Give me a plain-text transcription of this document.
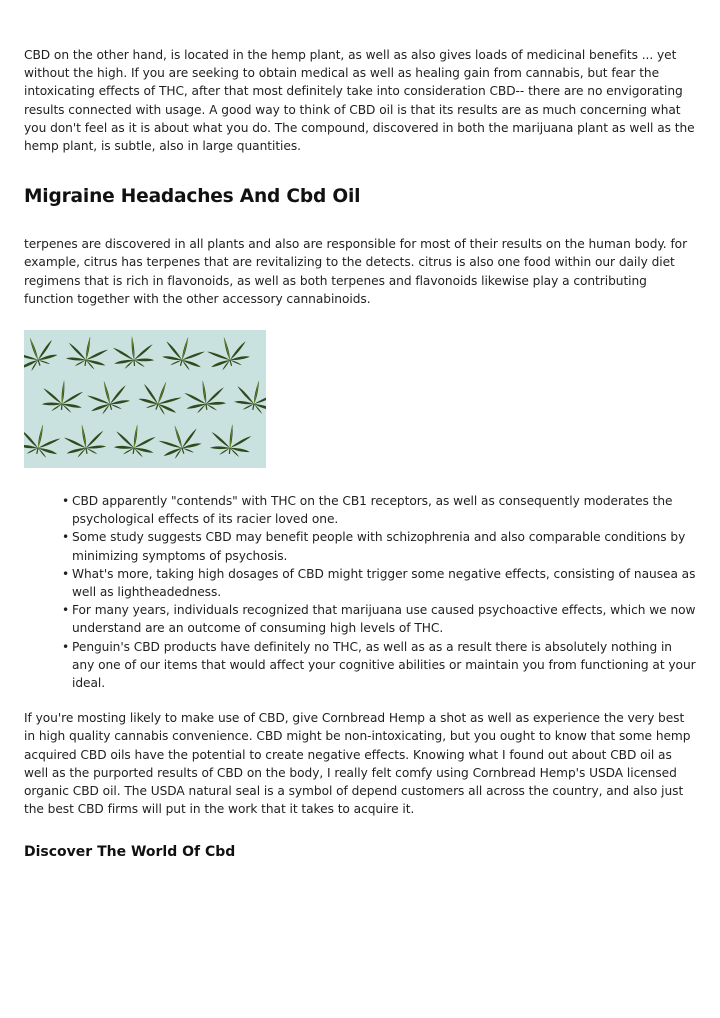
CBD on the other hand, is located in the hemp plant, as well as also gives loads of medicinal benefits ... yet without the high. If you are seeking to obtain medical as well as healing gain from cannabis, but fear the intoxicating effects of THC, after that most definitely take into consideration CBD-- there are no envigorating results connected with usage. A good way to think of CBD oil is that its results are as much concerning what you don't feel as it is about what you do. The compound, discovered in both the marijuana plant as well as the hemp plant, is subtle, also in large quantities.

Migraine Headaches And Cbd Oil

terpenes are discovered in all plants and also are responsible for most of their results on the human body. for example, citrus has terpenes that are revitalizing to the detects. citrus is also one food within our daily diet regimens that is rich in flavonoids, as well as both terpenes and flavonoids likewise play a contributing function together with the other accessory cannabinoids.

• CBD apparently "contends" with THC on the CB1 receptors, as well as consequently moderates the psychological effects of its racier loved one.
• Some study suggests CBD may benefit people with schizophrenia and also comparable conditions by minimizing symptoms of psychosis.
• What's more, taking high dosages of CBD might trigger some negative effects, consisting of nausea as well as lightheadedness.
• For many years, individuals recognized that marijuana use caused psychoactive effects, which we now understand are an outcome of consuming high levels of THC.
• Penguin's CBD products have definitely no THC, as well as as a result there is absolutely nothing in any one of our items that would affect your cognitive abilities or maintain you from functioning at your ideal.

If you're mosting likely to make use of CBD, give Cornbread Hemp a shot as well as experience the very best in high quality cannabis convenience. CBD might be non-intoxicating, but you ought to know that some hemp acquired CBD oils have the potential to create negative effects. Knowing what I found out about CBD oil as well as the purported results of CBD on the body, I really felt comfy using Cornbread Hemp's USDA licensed organic CBD oil. The USDA natural seal is a symbol of depend customers all across the country, and also just the best CBD firms will put in the work that it takes to acquire it.

Discover The World Of Cbd
